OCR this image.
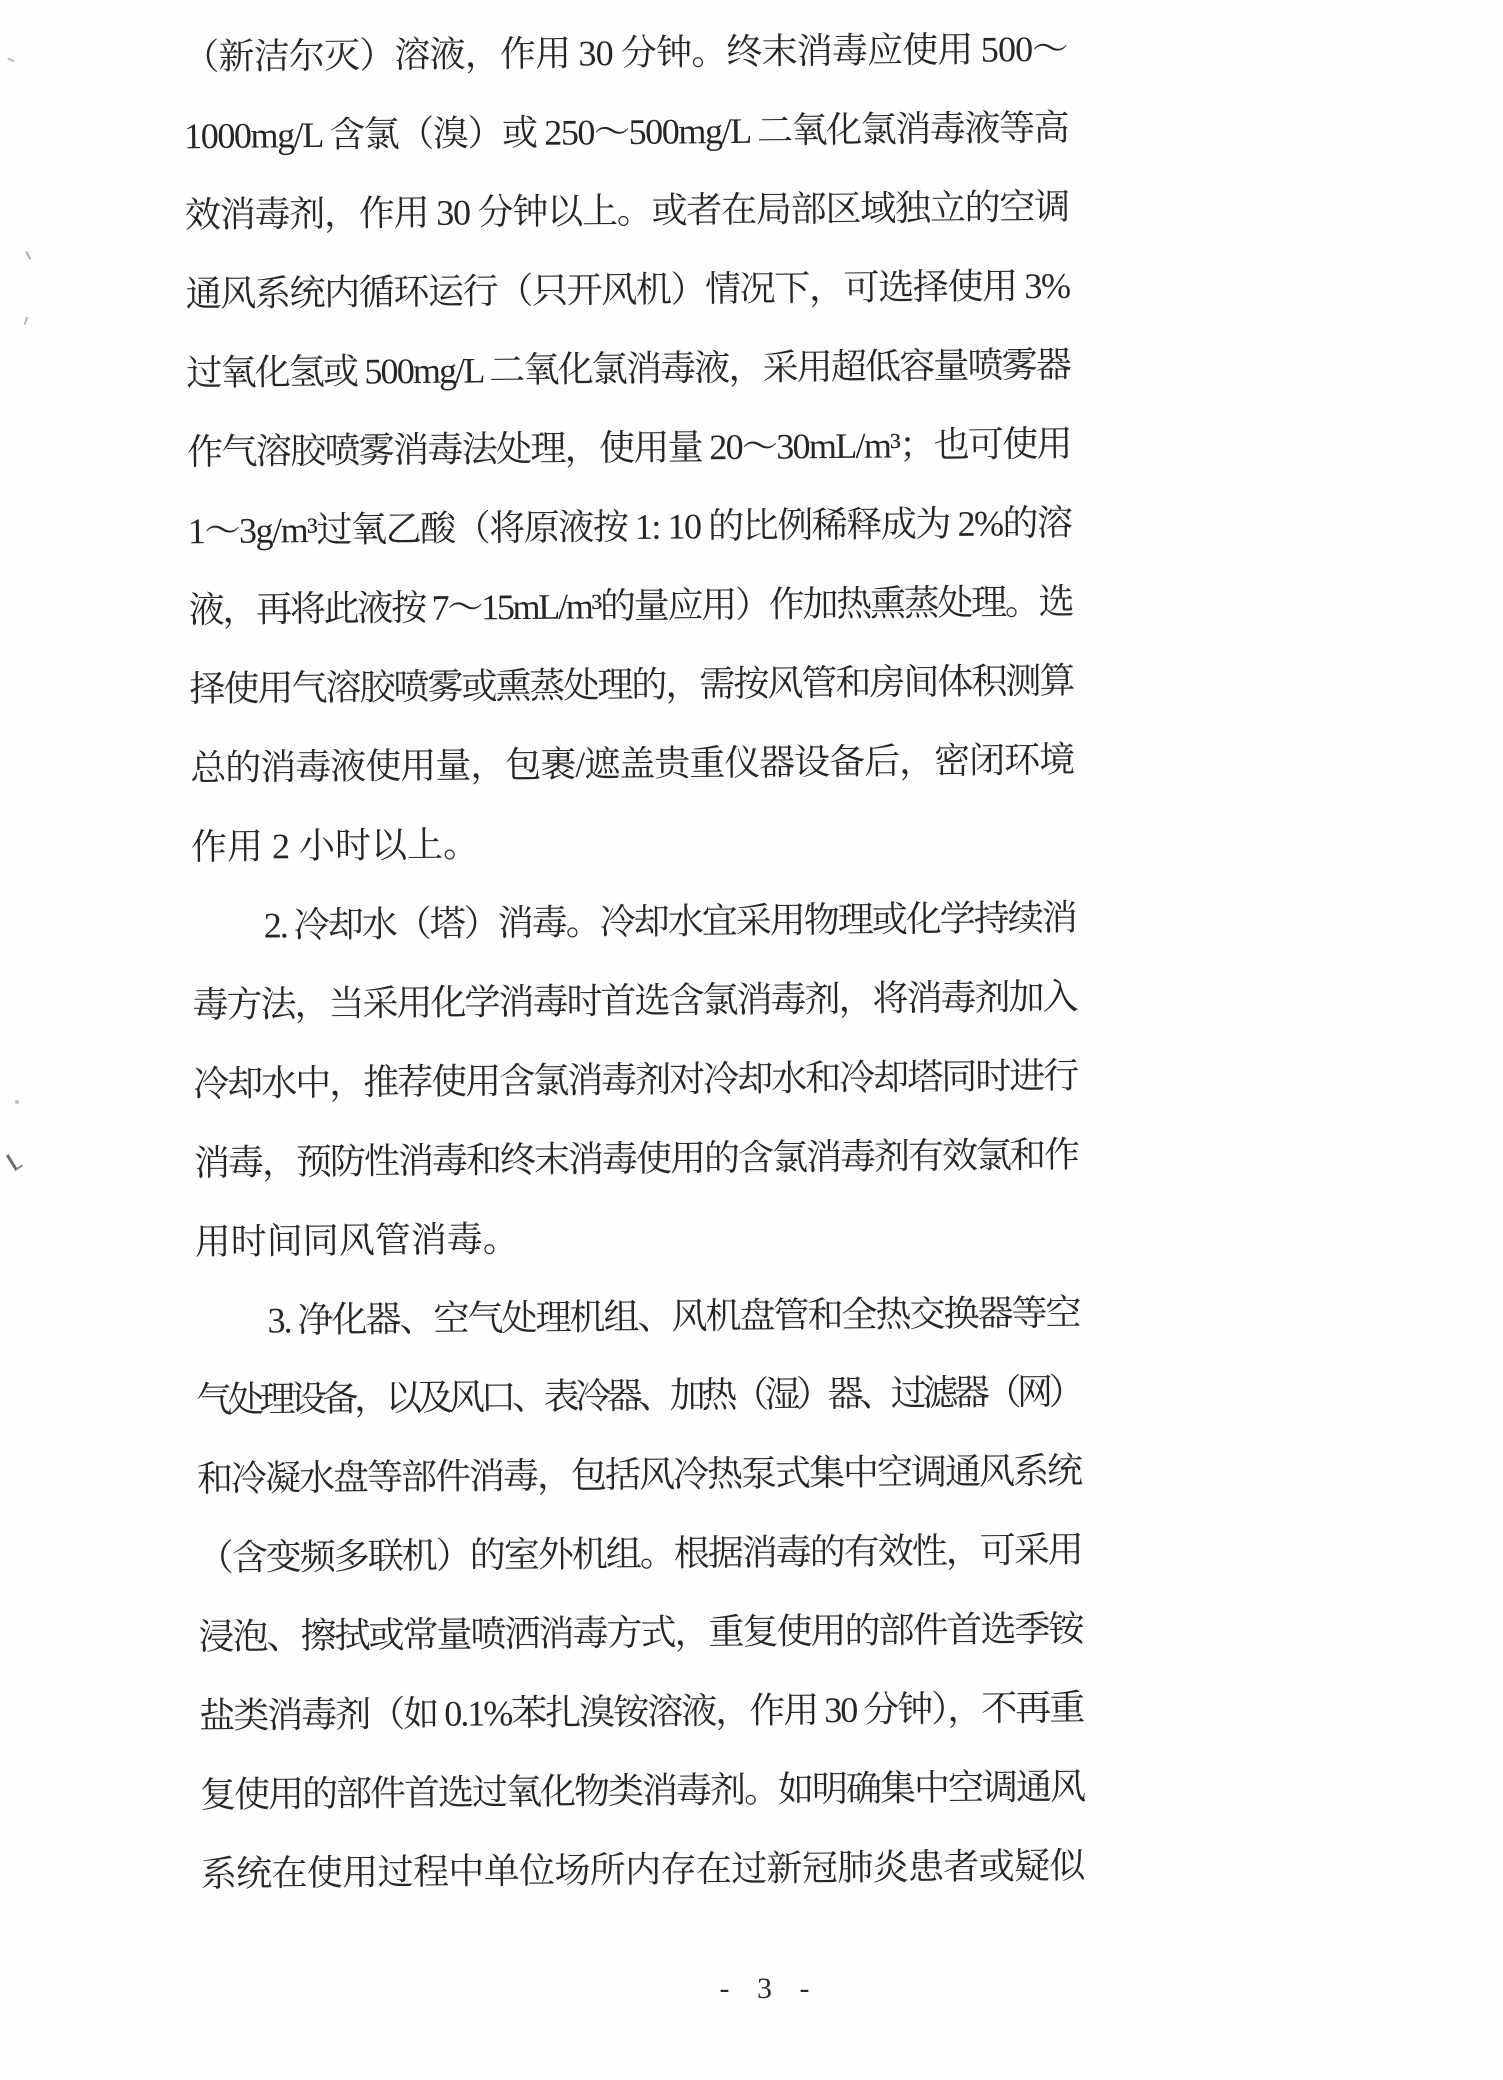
（新洁尔灭）溶液，作用 30 分钟。终末消毒应使用 500～
1000mg/L 含氯（溴）或 250～500mg/L 二氧化氯消毒液等高
效消毒剂，作用 30 分钟以上。或者在局部区域独立的空调
通风系统内循环运行（只开风机）情况下，可选择使用 3%
过氧化氢或 500mg/L 二氧化氯消毒液，采用超低容量喷雾器
作气溶胶喷雾消毒法处理，使用量 20～30mL/m³；也可使用
1～3g/m³过氧乙酸（将原液按 1: 10 的比例稀释成为 2%的溶
液，再将此液按 7～15mL/m³的量应用）作加热熏蒸处理。选
择使用气溶胶喷雾或熏蒸处理的，需按风管和房间体积测算
总的消毒液使用量，包裹/遮盖贵重仪器设备后，密闭环境
作用 2 小时以上。
2. 冷却水（塔）消毒。冷却水宜采用物理或化学持续消
毒方法，当采用化学消毒时首选含氯消毒剂，将消毒剂加入
冷却水中，推荐使用含氯消毒剂对冷却水和冷却塔同时进行
消毒，预防性消毒和终末消毒使用的含氯消毒剂有效氯和作
用时间同风管消毒。
3. 净化器、空气处理机组、风机盘管和全热交换器等空
气处理设备，以及风口、表冷器、加热（湿）器、过滤器（网）
和冷凝水盘等部件消毒，包括风冷热泵式集中空调通风系统
（含变频多联机）的室外机组。根据消毒的有效性，可采用
浸泡、擦拭或常量喷洒消毒方式，重复使用的部件首选季铵
盐类消毒剂（如 0.1%苯扎溴铵溶液，作用 30 分钟），不再重
复使用的部件首选过氧化物类消毒剂。如明确集中空调通风
系统在使用过程中单位场所内存在过新冠肺炎患者或疑似
- 3 -
